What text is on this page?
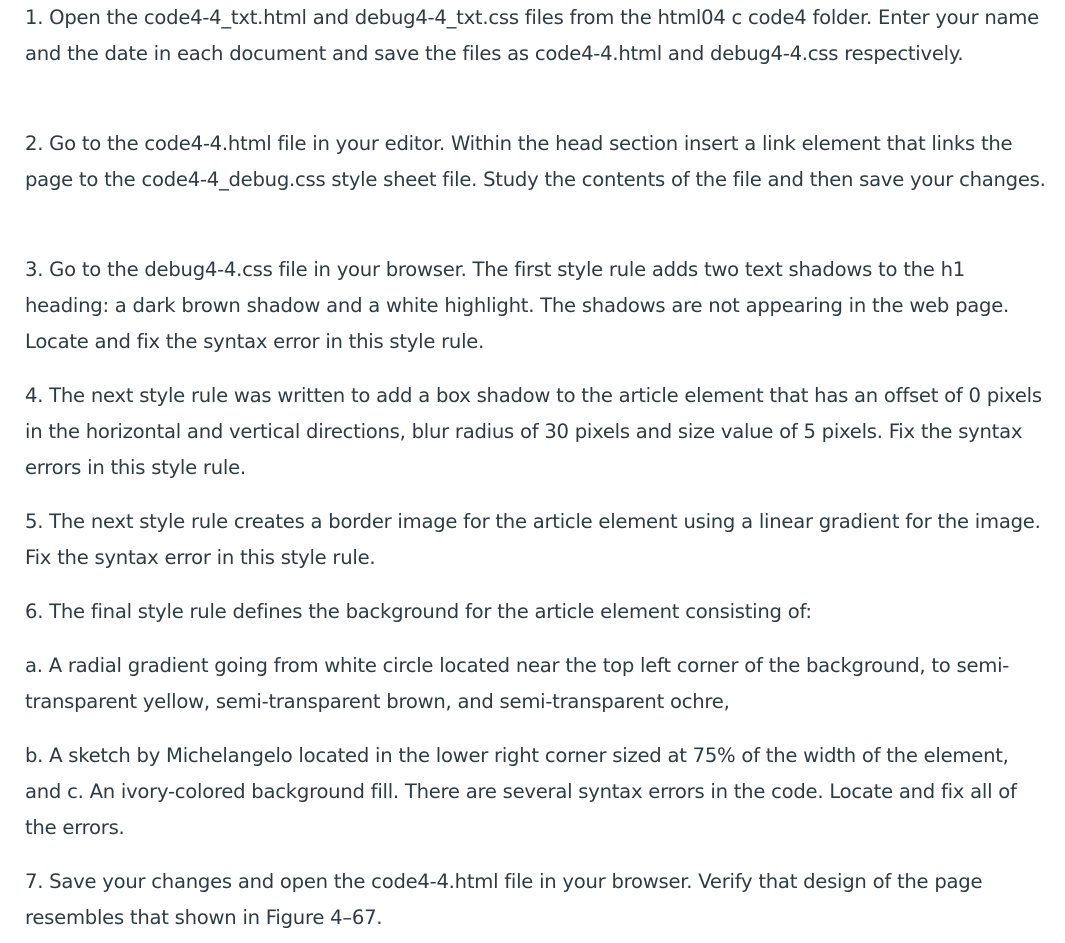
1. Open the code4-4_txt.html and debug4-4_txt.css files from the html04 c code4 folder. Enter your name and the date in each document and save the files as code4-4.html and debug4-4.css respectively.

2. Go to the code4-4.html file in your editor. Within the head section insert a link element that links the page to the code4-4_debug.css style sheet file. Study the contents of the file and then save your changes.

3. Go to the debug4-4.css file in your browser. The first style rule adds two text shadows to the h1 heading: a dark brown shadow and a white highlight. The shadows are not appearing in the web page. Locate and fix the syntax error in this style rule.

4. The next style rule was written to add a box shadow to the article element that has an offset of 0 pixels in the horizontal and vertical directions, blur radius of 30 pixels and size value of 5 pixels. Fix the syntax errors in this style rule.

5. The next style rule creates a border image for the article element using a linear gradient for the image. Fix the syntax error in this style rule.

6. The final style rule defines the background for the article element consisting of:

a. A radial gradient going from white circle located near the top left corner of the background, to semi-transparent yellow, semi-transparent brown, and semi-transparent ochre,

b. A sketch by Michelangelo located in the lower right corner sized at 75% of the width of the element, and c. An ivory-colored background fill. There are several syntax errors in the code. Locate and fix all of the errors.

7. Save your changes and open the code4-4.html file in your browser. Verify that design of the page resembles that shown in Figure 4–67.
